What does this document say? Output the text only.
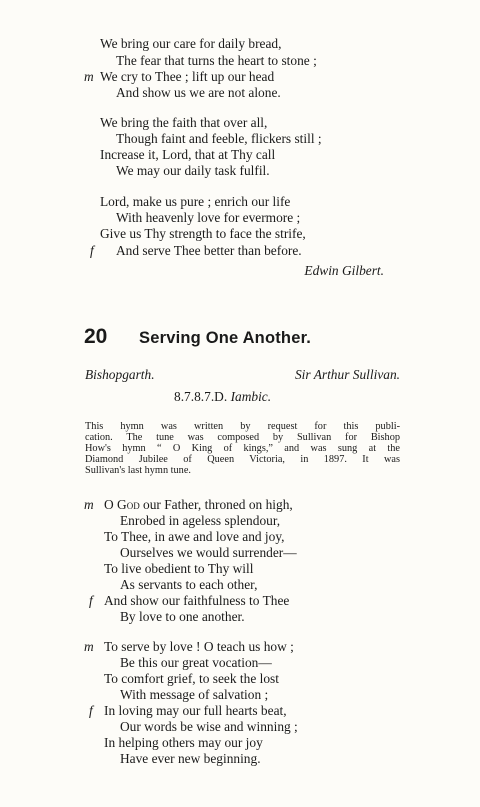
We bring our care for daily bread,
The fear that turns the heart to stone ;
m We cry to Thee ; lift up our head
And show us we are not alone.
We bring the faith that over all,
Though faint and feeble, flickers still ;
Increase it, Lord, that at Thy call
We may our daily task fulfil.
Lord, make us pure ; enrich our life
With heavenly love for evermore ;
Give us Thy strength to face the strife,
f And serve Thee better than before.
Edwin Gilbert.
20 Serving One Another.
Bishopgarth.	Sir Arthur Sullivan.
8.7.8.7.D. Iambic.
This hymn was written by request for this publi-
cation. The tune was composed by Sullivan for Bishop
How's hymn “ O King of kings,” and was sung at the
Diamond Jubilee of Queen Victoria, in 1897. It was
Sullivan's last hymn tune.
m O God our Father, throned on high,
Enrobed in ageless splendour,
To Thee, in awe and love and joy,
Ourselves we would surrender—
To live obedient to Thy will
As servants to each other,
f And show our faithfulness to Thee
By love to one another.
m To serve by love ! O teach us how ;
Be this our great vocation—
To comfort grief, to seek the lost
With message of salvation ;
f In loving may our full hearts beat,
Our words be wise and winning ;
In helping others may our joy
Have ever new beginning.
